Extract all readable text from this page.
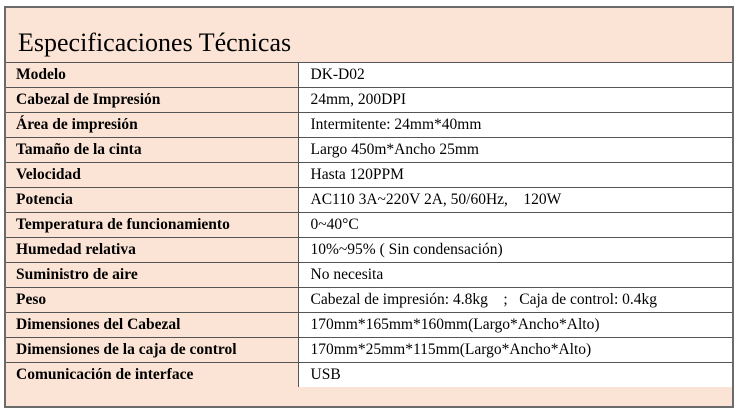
Especificaciones Técnicas
Modelo	DK-D02
Cabezal de Impresión	24mm, 200DPI
Área de impresión	Intermitente: 24mm*40mm
Tamaño de la cinta	Largo 450m*Ancho 25mm
Velocidad	Hasta 120PPM
Potencia	AC110 3A~220V 2A, 50/60Hz,    120W
Temperatura de funcionamiento	0~40°C
Humedad relativa	10%~95% ( Sin condensación)
Suministro de aire	No necesita
Peso	Cabezal de impresión: 4.8kg    ;   Caja de control: 0.4kg
Dimensiones del Cabezal	170mm*165mm*160mm(Largo*Ancho*Alto)
Dimensiones de la caja de control	170mm*25mm*115mm(Largo*Ancho*Alto)
Comunicación de interface	USB
